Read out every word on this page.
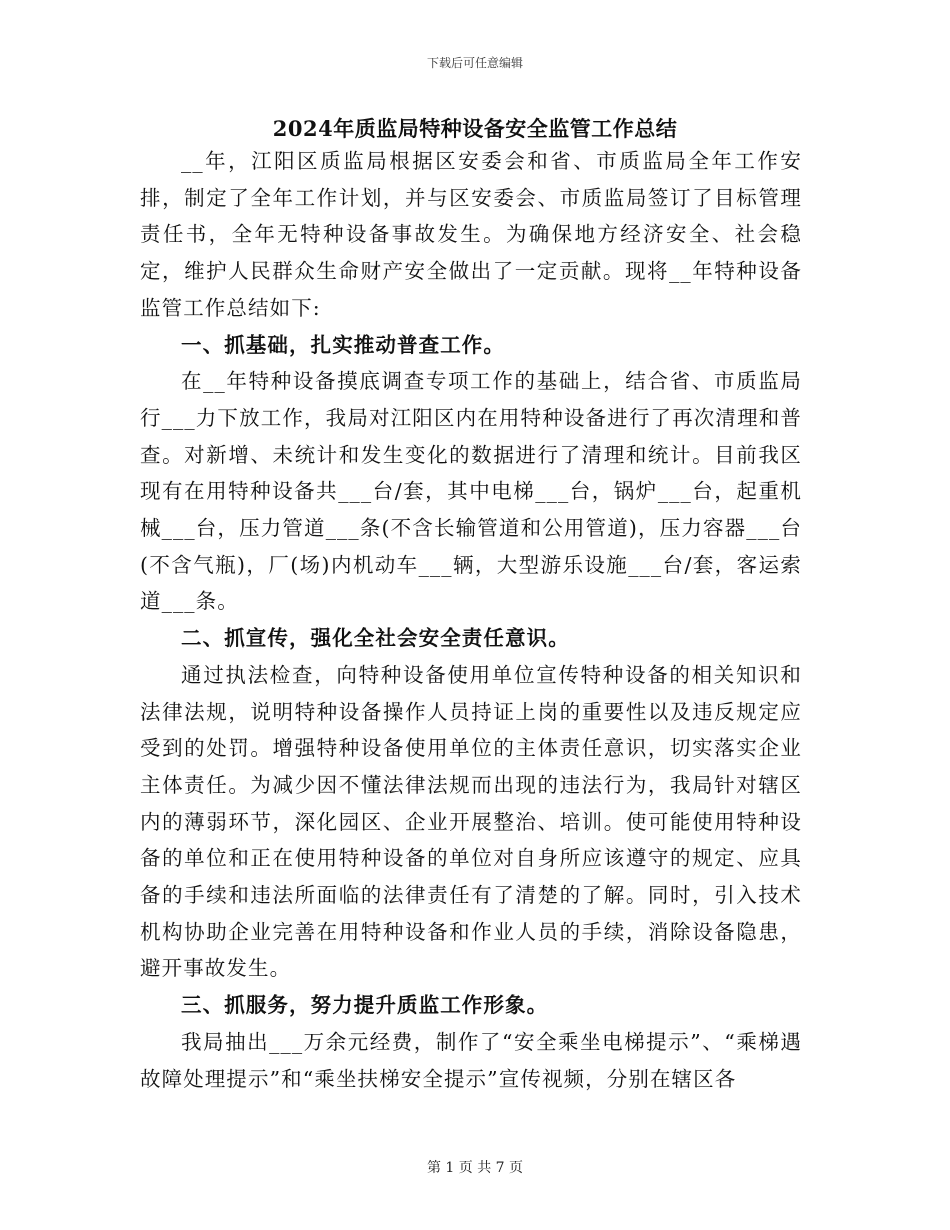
下载后可任意编辑
2024年质监局特种设备安全监管工作总结

__年，江阳区质监局根据区安委会和省、市质监局全年工作安排，制定了全年工作计划，并与区安委会、市质监局签订了目标管理责任书，全年无特种设备事故发生。为确保地方经济安全、社会稳定，维护人民群众生命财产安全做出了一定贡献。现将__年特种设备监管工作总结如下:

一、抓基础，扎实推动普查工作。

在__年特种设备摸底调查专项工作的基础上，结合省、市质监局行___力下放工作，我局对江阳区内在用特种设备进行了再次清理和普查。对新增、未统计和发生变化的数据进行了清理和统计。目前我区现有在用特种设备共___台/套，其中电梯___台，锅炉___台，起重机械___台，压力管道___条(不含长输管道和公用管道)，压力容器___台(不含气瓶)，厂(场)内机动车___辆，大型游乐设施___台/套，客运索道___条。

二、抓宣传，强化全社会安全责任意识。

通过执法检查，向特种设备使用单位宣传特种设备的相关知识和法律法规，说明特种设备操作人员持证上岗的重要性以及违反规定应受到的处罚。增强特种设备使用单位的主体责任意识，切实落实企业主体责任。为减少因不懂法律法规而出现的违法行为，我局针对辖区内的薄弱环节，深化园区、企业开展整治、培训。使可能使用特种设备的单位和正在使用特种设备的单位对自身所应该遵守的规定、应具备的手续和违法所面临的法律责任有了清楚的了解。同时，引入技术机构协助企业完善在用特种设备和作业人员的手续，消除设备隐患，避开事故发生。

三、抓服务，努力提升质监工作形象。

我局抽出___万余元经费，制作了“安全乘坐电梯提示”、“乘梯遇故障处理提示”和“乘坐扶梯安全提示”宣传视频，分别在辖区各

第 1 页 共 7 页
